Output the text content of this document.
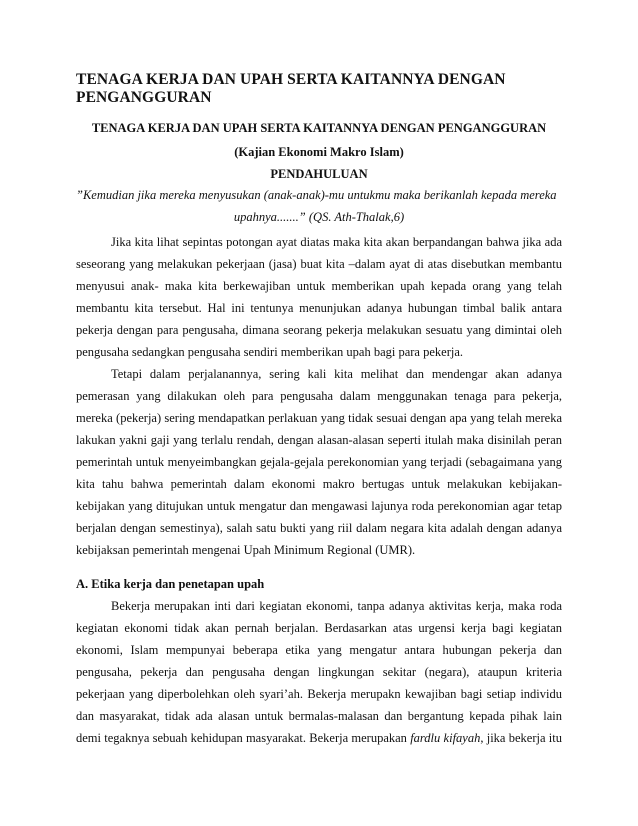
TENAGA KERJA DAN UPAH SERTA KAITANNYA DENGAN
PENGANGGURAN
TENAGA KERJA DAN UPAH SERTA KAITANNYA DENGAN PENGANGGURAN
(Kajian Ekonomi Makro Islam)
PENDAHULUAN
”Kemudian jika mereka menyusukan (anak-anak)-mu untukmu maka berikanlah kepada mereka
upahnya.......” (QS. Ath-Thalak,6)
Jika kita lihat sepintas potongan ayat diatas maka kita akan berpandangan bahwa jika ada
seseorang yang melakukan pekerjaan (jasa) buat kita –dalam ayat di atas disebutkan membantu
menyusui anak- maka kita berkewajiban untuk memberikan upah kepada orang yang telah
membantu kita tersebut. Hal ini tentunya menunjukan adanya hubungan timbal balik antara
pekerja dengan para pengusaha, dimana seorang pekerja melakukan sesuatu yang dimintai oleh
pengusaha sedangkan pengusaha sendiri memberikan upah bagi para pekerja.
Tetapi dalam perjalanannya, sering kali kita melihat dan mendengar akan adanya
pemerasan yang dilakukan oleh para pengusaha dalam menggunakan tenaga para pekerja,
mereka (pekerja) sering mendapatkan perlakuan yang tidak sesuai dengan apa yang telah mereka
lakukan yakni gaji yang terlalu rendah, dengan alasan-alasan seperti itulah maka disinilah peran
pemerintah untuk menyeimbangkan gejala-gejala perekonomian yang terjadi (sebagaimana yang
kita tahu bahwa pemerintah dalam ekonomi makro bertugas untuk melakukan kebijakan-
kebijakan yang ditujukan untuk mengatur dan mengawasi lajunya roda perekonomian agar tetap
berjalan dengan semestinya), salah satu bukti yang riil dalam negara kita adalah dengan adanya
kebijaksan pemerintah mengenai Upah Minimum Regional (UMR).
A. Etika kerja dan penetapan upah
Bekerja merupakan inti dari kegiatan ekonomi, tanpa adanya aktivitas kerja, maka roda
kegiatan ekonomi tidak akan pernah berjalan. Berdasarkan atas urgensi kerja bagi kegiatan
ekonomi, Islam mempunyai beberapa etika yang mengatur antara hubungan pekerja dan
pengusaha, pekerja dan pengusaha dengan lingkungan sekitar (negara), ataupun kriteria
pekerjaan yang diperbolehkan oleh syari’ah. Bekerja merupakn kewajiban bagi setiap individu
dan masyarakat, tidak ada alasan untuk bermalas-malasan dan bergantung kepada pihak lain
demi tegaknya sebuah kehidupan masyarakat. Bekerja merupakan fardlu kifayah, jika bekerja itu
